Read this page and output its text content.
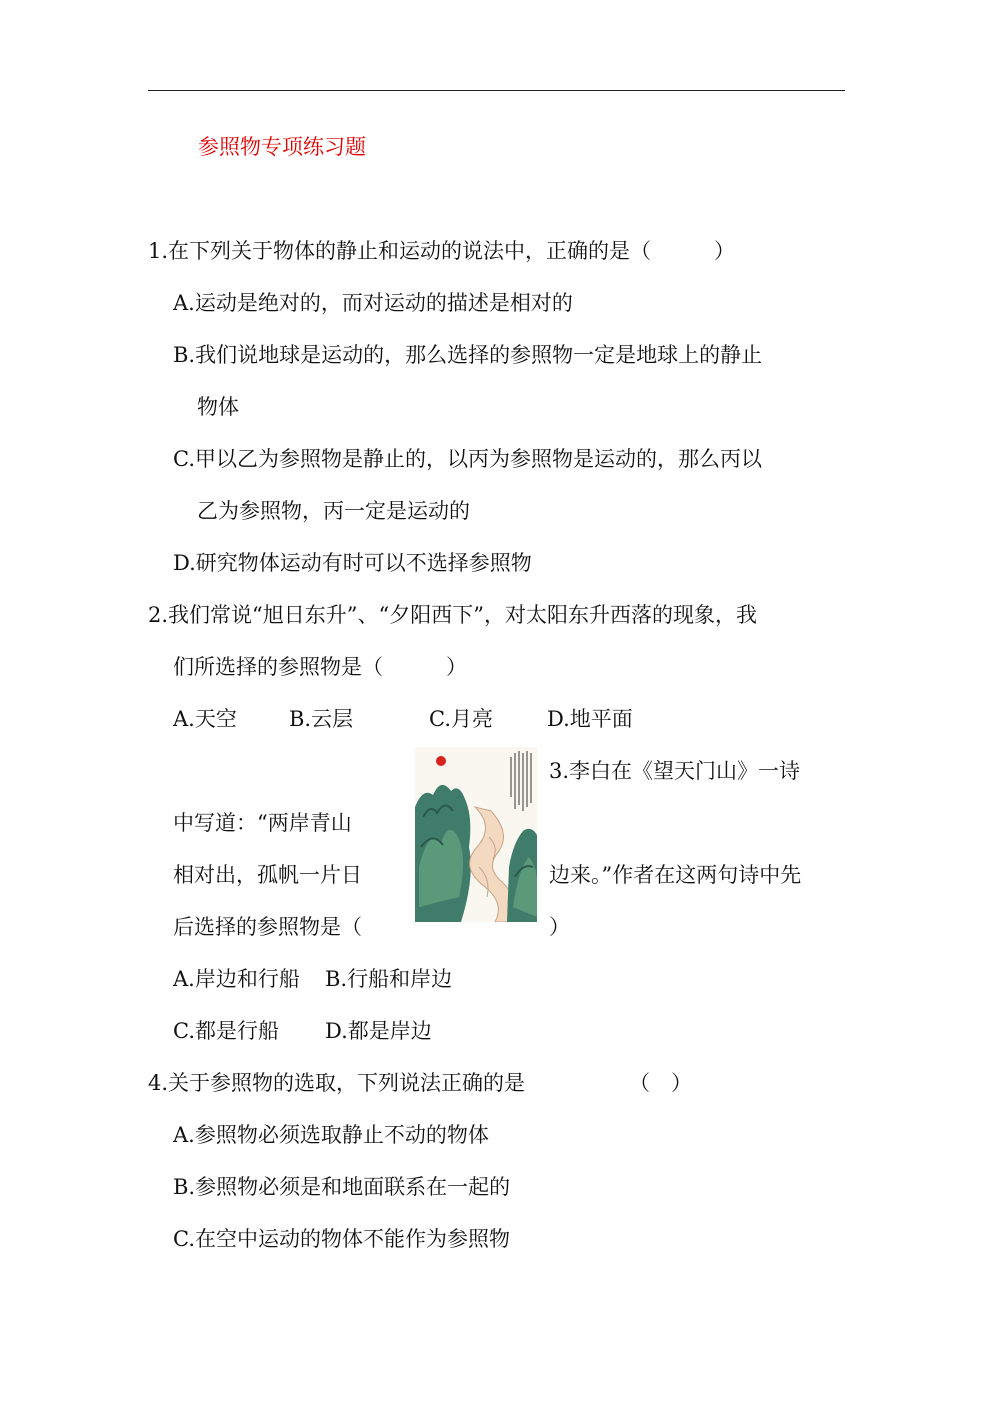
参照物专项练习题
1.在下列关于物体的静止和运动的说法中，正确的是（　　　）
A.运动是绝对的，而对运动的描述是相对的
B.我们说地球是运动的，那么选择的参照物一定是地球上的静止
物体
C.甲以乙为参照物是静止的，以丙为参照物是运动的，那么丙以
乙为参照物，丙一定是运动的
D.研究物体运动有时可以不选择参照物
2.我们常说“旭日东升”、“夕阳西下”，对太阳东升西落的现象，我
们所选择的参照物是（　　　）
A.天空 B.云层	C.月亮	D.地平面
3.李白在《望天门山》一诗
中写道：“两岸青山
相对出，孤帆一片日	边来。”作者在这两句诗中先
后选择的参照物是（	）
A.岸边和行船 B.行船和岸边
C.都是行船 D.都是岸边
4.关于参照物的选取，下列说法正确的是	（　）
A.参照物必须选取静止不动的物体
B.参照物必须是和地面联系在一起的
C.在空中运动的物体不能作为参照物
